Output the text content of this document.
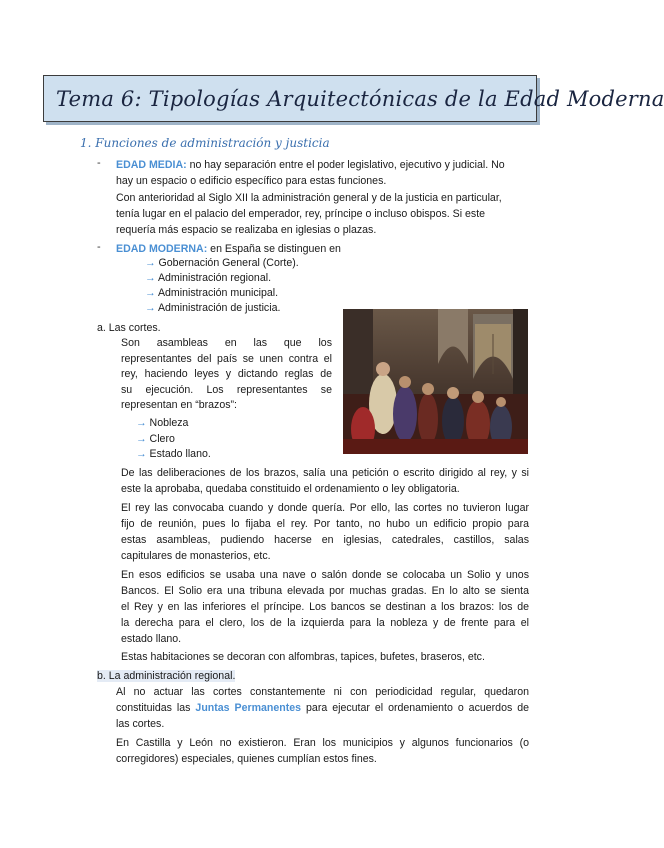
Tema 6: Tipologías Arquitectónicas de la Edad Moderna
1. Funciones de administración y justicia
- EDAD MEDIA: no hay separación entre el poder legislativo, ejecutivo y judicial. No
hay un espacio o edificio específico para estas funciones.
Con anterioridad al Siglo XII la administración general y de la justicia en particular,
tenía lugar en el palacio del emperador, rey, príncipe o incluso obispos. Si este
requería más espacio se realizaba en iglesias o plazas.
- EDAD MODERNA: en España se distinguen en
→ Gobernación General (Corte).
→ Administración regional.
→ Administración municipal.
→ Administración de justicia.
a. Las cortes.
Son asambleas en las que los
representantes del país se unen contra el
rey, haciendo leyes y dictando reglas de
su ejecución. Los representantes se
representan en “brazos”:
→ Nobleza
→ Clero
→ Estado llano.
De las deliberaciones de los brazos, salía una petición o escrito dirigido al rey, y si
este la aprobaba, quedaba constituido el ordenamiento o ley obligatoria.
El rey las convocaba cuando y donde quería. Por ello, las cortes no tuvieron lugar
fijo de reunión, pues lo fijaba el rey. Por tanto, no hubo un edificio propio para
estas asambleas, pudiendo hacerse en iglesias, catedrales, castillos, salas
capitulares de monasterios, etc.
En esos edificios se usaba una nave o salón donde se colocaba un Solio y unos
Bancos. El Solio era una tribuna elevada por muchas gradas. En lo alto se sienta
el Rey y en las inferiores el príncipe. Los bancos se destinan a los brazos: los de
la derecha para el clero, los de la izquierda para la nobleza y de frente para el
estado llano.
Estas habitaciones se decoran con alfombras, tapices, bufetes, braseros, etc.
b. La administración regional.
Al no actuar las cortes constantemente ni con periodicidad regular, quedaron
constituidas las Juntas Permanentes para ejecutar el ordenamiento o acuerdos de
las cortes.
En Castilla y León no existieron. Eran los municipios y algunos funcionarios (o
corregidores) especiales, quienes cumplían estos fines.
